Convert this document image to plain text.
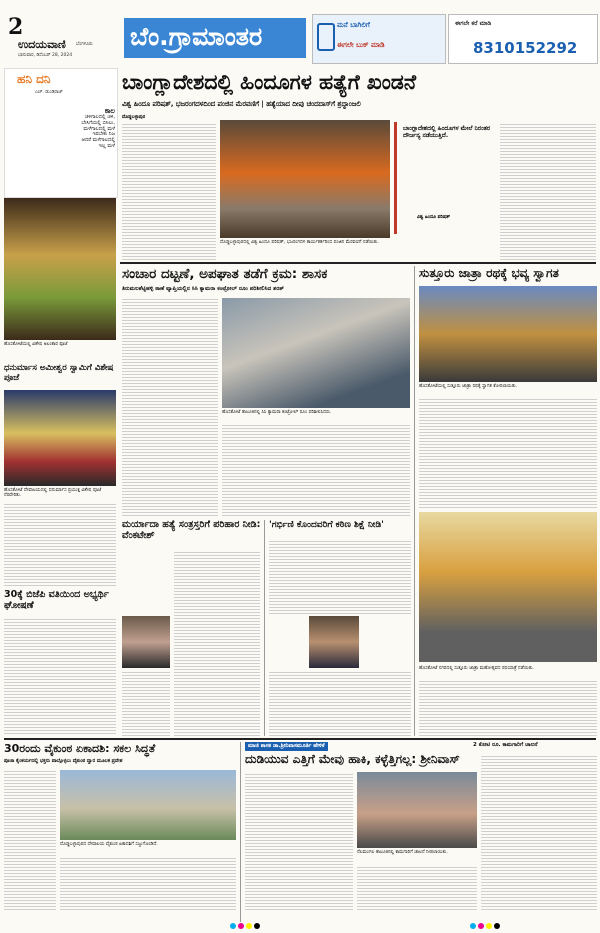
2
ಉದಯವಾಣಿ ಬೆಂಗಳೂರು
ಭಾನುವಾರ, ಡಿಸೆಂಬರ್ 28, 2024
ಬೆಂ.ಗ್ರಾಮಾಂತರ	ಮನೆ ಬಾಗಿಲಿಗೆ
ಈಗಲೇ ಬುಕ್ ಮಾಡಿ
ಈಗಲೇ ಕರೆ ಮಾಡಿ
8310152292
ಹನಿ ದನಿ
ಎಚ್. ಡುಂಡಿರಾಜ್
ಕಾಲ
ಚಳಿಗಾಲದಲ್ಲಿ ಚಳಿ,
ಬೇಸಿಗೆಯಲ್ಲಿ ಬಿಸಿಲು,
ಮಳೆಗಾಲದಲ್ಲಿ ಮಳೆ
ಇರಬೇಕು ನಿಜ
ಆದರೆ ಮಳೆಗಾಲದಲ್ಲಿ
ಇಲ್ಲ ಮಳೆ
ಹೊಸಕೋಟೆಯಲ್ಲಿ ವಿಶೇಷ ಅಲಂಕಾರ ಪೂಜೆ
ಧನುರ್ಮಾಸ ಅಮೀಶ್ವರ ಸ್ವಾಮಿಗೆ ವಿಶೇಷ ಪೂಜೆ
ಹೊಸಕೋಟೆ ದೇವಾಲಯದಲ್ಲಿ ಧನುರ್ಮಾಸ ಪ್ರಯುಕ್ತ ವಿಶೇಷ ಪೂಜೆ ನೆರವೇರಿತು.
30ಕ್ಕೆ ಬಿಜೆಪಿ ವತಿಯಿಂದ ಅಭ್ಯರ್ಥಿ ಘೋಷಣೆ
ಬಾಂಗ್ಲಾದೇಶದಲ್ಲಿ ಹಿಂದೂಗಳ ಹತ್ಯೆಗೆ ಖಂಡನೆ
ವಿಶ್ವ ಹಿಂದೂ ಪರಿಷತ್, ಭಜರಂಗದಳದಿಂದ ಪಂಜಿನ ಮೆರವಣಿಗೆ | ಹತ್ಯೆಯಾದ ದೀಪು ಚಂದದಾಸ್‌ಗೆ ಶ್ರದ್ಧಾಂಜಲಿ
ದೊಡ್ಡಬಳ್ಳಾಪುರ
ದೊಡ್ಡಬಳ್ಳಾಪುರದಲ್ಲಿ ವಿಶ್ವ ಹಿಂದೂ ಪರಿಷತ್, ಭಜರಂಗದಳ ಕಾರ್ಯಕರ್ತರಿಂದ ಪಂಜಿನ ಮೆರವಣಿಗೆ ನಡೆಯಿತು.
ಬಾಂಗ್ಲಾದೇಶದಲ್ಲಿ ಹಿಂದೂಗಳ ಮೇಲೆ ನಿರಂತರ ದೌರ್ಜನ್ಯ ನಡೆಯುತ್ತಿದೆ.
ವಿಶ್ವ ಹಿಂದೂ ಪರಿಷತ್
ಸಂಚಾರ ದಟ್ಟಣೆ, ಅಪಘಾತ ತಡೆಗೆ ಕ್ರಮ: ಶಾಸಕ
ತಿರುಮಲಶೆಟ್ಟಿಹಳ್ಳಿ ಠಾಣೆ ವ್ಯಾಪ್ತಿಯಲ್ಲಿನ ಸಿಸಿ ಕ್ಯಾಮರಾ ಕಂಟ್ರೋಲ್ ರೂಂ ಪರಿಶೀಲಿಸಿದ ಶರತ್
ಹೊಸಕೋಟೆ ತಾಲೂಕಿನಲ್ಲಿ ಸಿಸಿ ಕ್ಯಾಮರಾ ಕಂಟ್ರೋಲ್ ರೂಂ ಪರಿಶೀಲಿಸಿದರು.
ಸುತ್ತೂರು ಜಾತ್ರಾ ರಥಕ್ಕೆ ಭವ್ಯ ಸ್ವಾಗತ
ಹೊಸಕೋಟೆಯಲ್ಲಿ ಸುತ್ತೂರು ಜಾತ್ರಾ ರಥಕ್ಕೆ ಸ್ವಾಗತ ಕೋರಲಾಯಿತು.
ಹೊಸಕೋಟೆ ನಗರದಲ್ಲಿ ಸುತ್ತೂರು ಜಾತ್ರಾ ಮಹೋತ್ಸವದ ರಥಯಾತ್ರೆ ನಡೆಯಿತು.
ಮರ್ಯಾದಾ ಹತ್ಯೆ ಸಂತ್ರಸ್ತರಿಗೆ ಪರಿಹಾರ ನೀಡಿ: ವೆಂಕಟೇಶ್
'ಗರ್ಭಿಣಿ ಕೊಂದವರಿಗೆ ಕಠಿಣ ಶಿಕ್ಷೆ ನೀಡಿ'
30ರಂದು ವೈಕುಂಠ ಏಕಾದಶಿ: ಸಕಲ ಸಿದ್ಧತೆ
ಪೂಜಾ ಕೈಂಕರ್ಯದಲ್ಲಿ ಭಕ್ತರು ಪಾಲ್ಗೊಳ್ಳಲು ವೈಕುಂಠ ದ್ವಾರ ಮೂಲಕ ಪ್ರವೇಶ
ದೊಡ್ಡಬಳ್ಳಾಪುರದ ದೇವಾಲಯ ವೈಕುಂಠ ಏಕಾದಶಿಗೆ ಸಜ್ಜುಗೊಂಡಿದೆ.
ಮಾಜಿ ಶಾಸಕ ಡಾ.ಶ್ರೀನಿವಾಸಮೂರ್ತಿ ಹೇಳಿಕೆ	2 ಕೋಟಿ ರೂ. ಕಾಮಗಾರಿಗೆ ಚಾಲನೆ
ದುಡಿಯುವ ಎತ್ತಿಗೆ ಮೇವು ಹಾಕಿ, ಕಳ್ಳೆತ್ತಿಗಲ್ಲ: ಶ್ರೀನಿವಾಸ್
ನೆಲಮಂಗಲ ತಾಲೂಕಿನಲ್ಲಿ ಕಾಮಗಾರಿಗೆ ಚಾಲನೆ ನೀಡಲಾಯಿತು.
